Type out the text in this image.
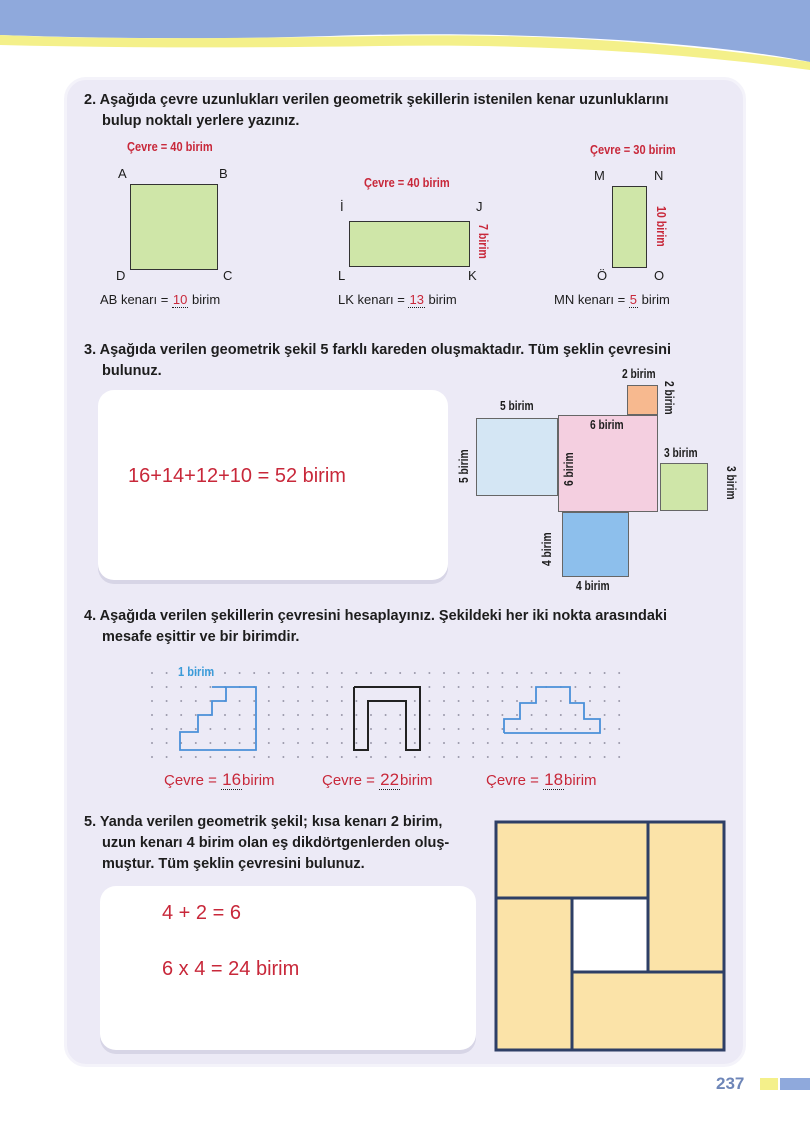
2. Aşağıda çevre uzunlukları verilen geometrik şekillerin istenilen kenar uzunluklarını
bulup noktalı yerlere yazınız.
Çevre = 40 birim
A	B
C
D
AB kenarı = 10 birim
Çevre = 40 birim
İ	J
7 birim
K
L
LK kenarı = 13 birim
Çevre = 30 birim
M	N
10 birim
O
Ö
MN kenarı = 5 birim
3. Aşağıda verilen geometrik şekil 5 farklı kareden oluşmaktadır. Tüm şeklin çevresini
bulunuz.
16+14+12+10 = 52 birim
2 birim
2 birim
5 birim
5 birim
6 birim
6 birim	3 birim
3 birim
4 birim
4 birim
4. Aşağıda verilen şekillerin çevresini hesaplayınız. Şekildeki her iki nokta arasındaki
mesafe eşittir ve bir birimdir.
1 birim
Çevre = 16birim	Çevre = 22birim	Çevre = 18birim
5. Yanda verilen geometrik şekil; kısa kenarı 2 birim,
uzun kenarı 4 birim olan eş dikdörtgenlerden oluş-
muştur. Tüm şeklin çevresini bulunuz.
4 + 2 = 6
6 x 4 = 24 birim
237
